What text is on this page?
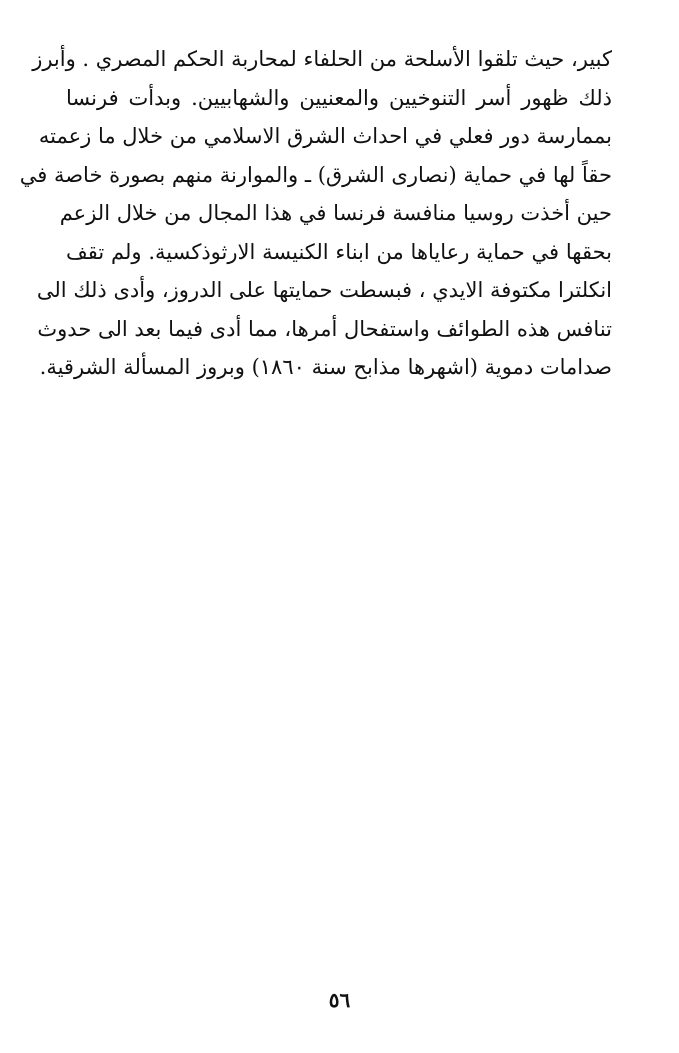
كبير، حيث تلقوا الأسلحة من الحلفاء لمحاربة الحكم المصري . وأبرز
ذلك ظهور أسر التنوخيين والمعنيين والشهابيين. وبدأت فرنسا
بممارسة دور فعلي في احداث الشرق الاسلامي من خلال ما زعمته
حقاً لها في حماية (نصارى الشرق) ـ والموارنة منهم بصورة خاصة في
حين أخذت روسيا منافسة فرنسا في هذا المجال من خلال الزعم
بحقها في حماية رعاياها من ابناء الكنيسة الارثوذكسية. ولم تقف
انكلترا مكتوفة الايدي ، فبسطت حمايتها على الدروز، وأدى ذلك الى
تنافس هذه الطوائف واستفحال أمرها، مما أدى فيما بعد الى حدوث
صدامات دموية (اشهرها مذابح سنة ١٨٦٠) وبروز المسألة الشرقية.
٥٦
